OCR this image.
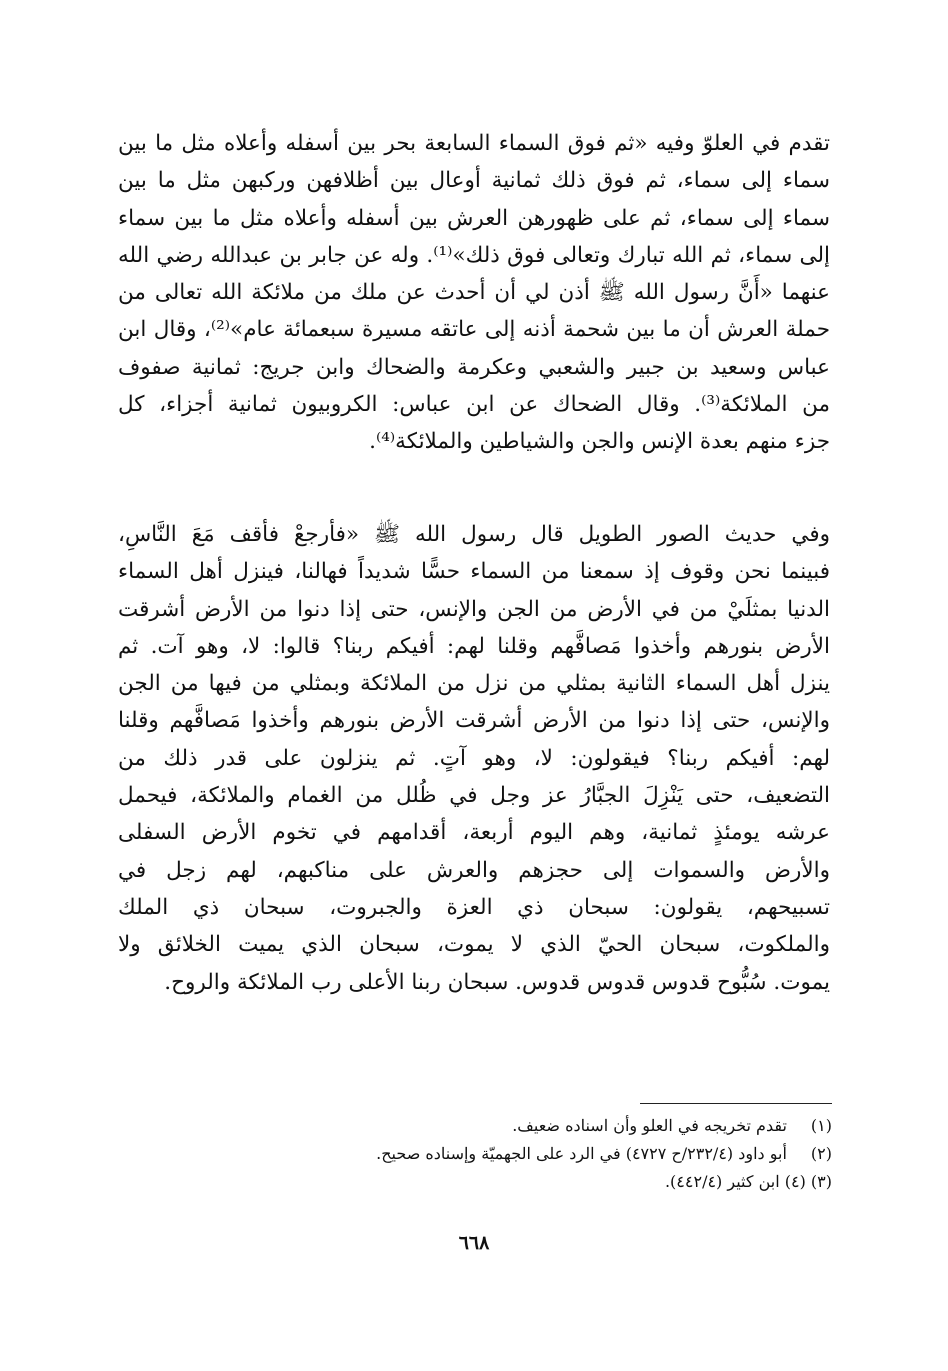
تقدم في العلوّ وفيه «ثم فوق السماء السابعة بحر بين أسفله وأعلاه مثل ما بين
سماء إلى سماء، ثم فوق ذلك ثمانية أوعال بين أظلافهن وركبهن مثل ما بين
سماء إلى سماء، ثم على ظهورهن العرش بين أسفله وأعلاه مثل ما بين سماء
إلى سماء، ثم الله تبارك وتعالى فوق ذلك»⁽¹⁾. وله عن جابر بن عبدالله رضي الله
عنهما «أَنَّ رسول الله ﷺ أذن لي أن أحدث عن ملك من ملائكة الله تعالى من
حملة العرش أن ما بين شحمة أذنه إلى عاتقه مسيرة سبعمائة عام»⁽²⁾، وقال ابن
عباس وسعيد بن جبير والشعبي وعكرمة والضحاك وابن جريج: ثمانية صفوف
من الملائكة⁽³⁾. وقال الضحاك عن ابن عباس: الكروبيون ثمانية أجزاء، كل
جزء منهم بعدة الإنس والجن والشياطين والملائكة⁽⁴⁾.
وفي حديث الصور الطويل قال رسول الله ﷺ «فأرجعْ فأقف مَعَ النَّاسِ،
فبينما نحن وقوف إذ سمعنا من السماء حسًّا شديداً فهالنا، فينزل أهل السماء
الدنيا بمثلَيْ من في الأرض من الجن والإنس، حتى إذا دنوا من الأرض أشرقت
الأرض بنورهم وأخذوا مَصافَّهم وقلنا لهم: أفيكم ربنا؟ قالوا: لا، وهو آت. ثم
ينزل أهل السماء الثانية بمثلي من نزل من الملائكة وبمثلي من فيها من الجن
والإنس، حتى إذا دنوا من الأرض أشرقت الأرض بنورهم وأخذوا مَصافَّهم وقلنا
لهم: أفيكم ربنا؟ فيقولون: لا، وهو آتٍ. ثم ينزلون على قدر ذلك من
التضعيف، حتى يَنْزِلَ الجبَّارُ عز وجل في ظُلل من الغمام والملائكة، فيحمل
عرشه يومئذٍ ثمانية، وهم اليوم أربعة، أقدامهم في تخوم الأرض السفلى
والأرض والسموات إلى حجزهم والعرش على مناكبهم، لهم زجل في
تسبيحهم، يقولون: سبحان ذي العزة والجبروت، سبحان ذي الملك
والملكوت، سبحان الحيّ الذي لا يموت، سبحان الذي يميت الخلائق ولا
يموت. سُبُّوح قدوس قدوس قدوس. سبحان ربنا الأعلى رب الملائكة والروح.
(١) تقدم تخريجه في العلو وأن اسناده ضعيف.
(٢) أبو داود (٢٣٢/٤/ح ٤٧٢٧) في الرد على الجهميّة وإسناده صحيح.
(٣) (٤) ابن كثير (٤٤٢/٤).
٦٦٨
